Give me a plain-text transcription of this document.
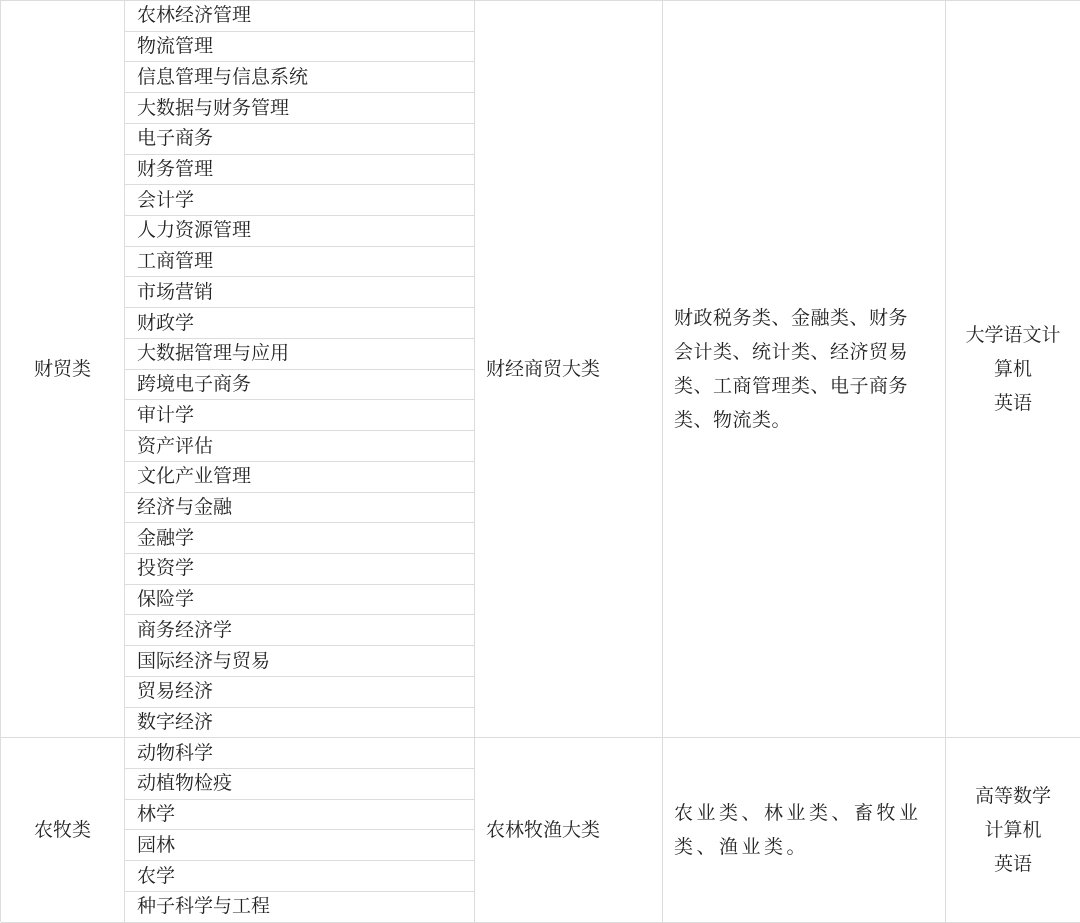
财贸类
农林经济管理
物流管理
信息管理与信息系统
大数据与财务管理
电子商务
财务管理
会计学
人力资源管理
工商管理
市场营销
财政学
大数据管理与应用
跨境电子商务
审计学
资产评估
文化产业管理
经济与金融
金融学
投资学
保险学
商务经济学
国际经济与贸易
贸易经济
数字经济
财经商贸大类
财政税务类、金融类、财务
会计类、统计类、经济贸易
类、工商管理类、电子商务
类、物流类。
大学语文计
算机
英语
农牧类
动物科学
动植物检疫
林学
园林
农学
种子科学与工程
农林牧渔大类
农业类、林业类、畜牧业
类、渔业类。
高等数学
计算机
英语
